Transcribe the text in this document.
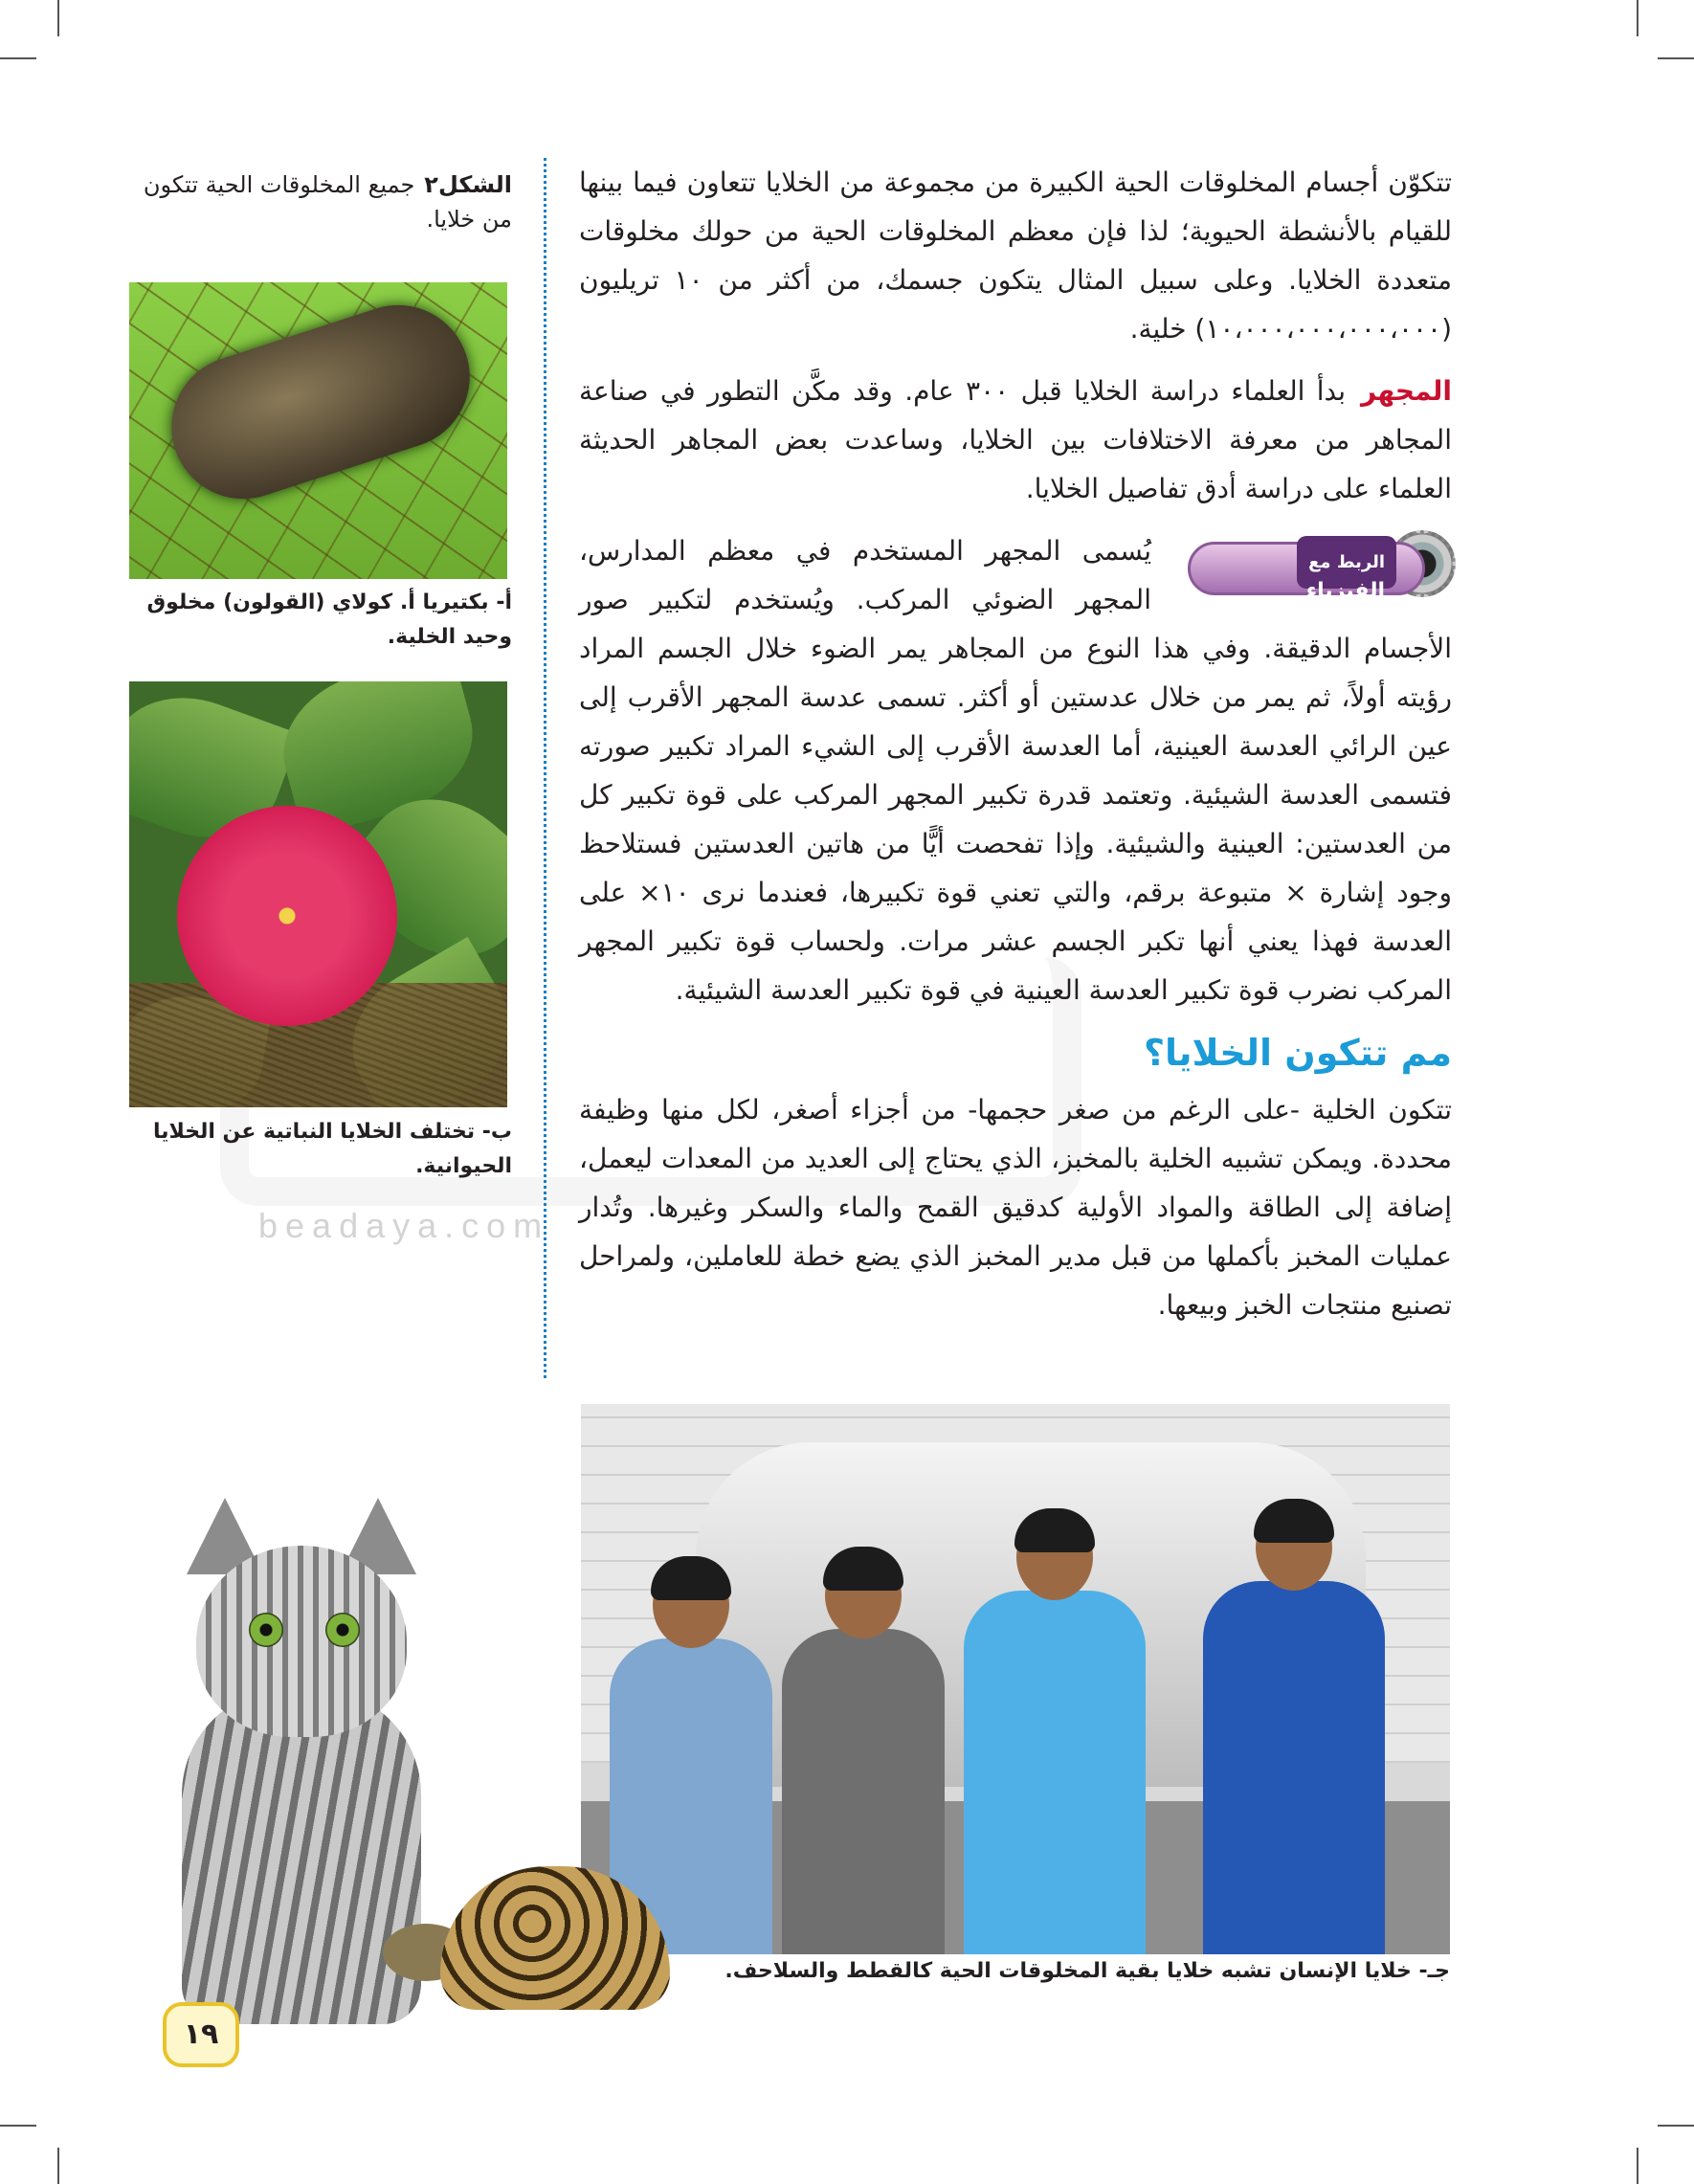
beadaya.com

تتكوّن أجسام المخلوقات الحية الكبيرة من مجموعة من الخلايا تتعاون فيما بينها للقيام بالأنشطة الحيوية؛ لذا فإن معظم المخلوقات الحية من حولك مخلوقات متعددة الخلايا. وعلى سبيل المثال يتكون جسمك، من أكثر من ١٠ تريليون (١٠،٠٠٠،٠٠٠،٠٠٠،٠٠٠) خلية.

المجهربدأ العلماء دراسة الخلايا قبل ٣٠٠ عام. وقد مكَّن التطور في صناعة المجاهر من معرفة الاختلافات بين الخلايا، وساعدت بعض المجاهر الحديثة العلماء على دراسة أدق تفاصيل الخلايا.

الربط مع
الفيزياء
يُسمى المجهر المستخدم في معظم المدارس، المجهر الضوئي المركب. ويُستخدم لتكبير صور الأجسام الدقيقة. وفي هذا النوع من المجاهر يمر الضوء خلال الجسم المراد رؤيته أولاً، ثم يمر من خلال عدستين أو أكثر. تسمى عدسة المجهر الأقرب إلى عين الرائي العدسة العينية، أما العدسة الأقرب إلى الشيء المراد تكبير صورته فتسمى العدسة الشيئية. وتعتمد قدرة تكبير المجهر المركب على قوة تكبير كل من العدستين: العينية والشيئية. وإذا تفحصت أيًّا من هاتين العدستين فستلاحظ وجود إشارة × متبوعة برقم، والتي تعني قوة تكبيرها، فعندما نرى ١٠× على العدسة فهذا يعني أنها تكبر الجسم عشر مرات. ولحساب قوة تكبير المجهر المركب نضرب قوة تكبير العدسة العينية في قوة تكبير العدسة الشيئية.
مم تتكون الخلايا؟

تتكون الخلية -على الرغم من صغر حجمها- من أجزاء أصغر، لكل منها وظيفة محددة. ويمكن تشبيه الخلية بالمخبز، الذي يحتاج إلى العديد من المعدات ليعمل، إضافة إلى الطاقة والمواد الأولية كدقيق القمح والماء والسكر وغيرها. وتُدار عمليات المخبز بأكملها من قبل مدير المخبز الذي يضع خطة للعاملين، ولمراحل تصنيع منتجات الخبز وبيعها.

الشكل٢جميع المخلوقات الحية تتكون من خلايا.
أ- بكتيريا أ. كولاي (القولون) مخلوق وحيد الخلية.
ب- تختلف الخلايا النباتية عن الخلايا الحيوانية.
جـ- خلايا الإنسان تشبه خلايا بقية المخلوقات الحية كالقطط والسلاحف.
١٩
